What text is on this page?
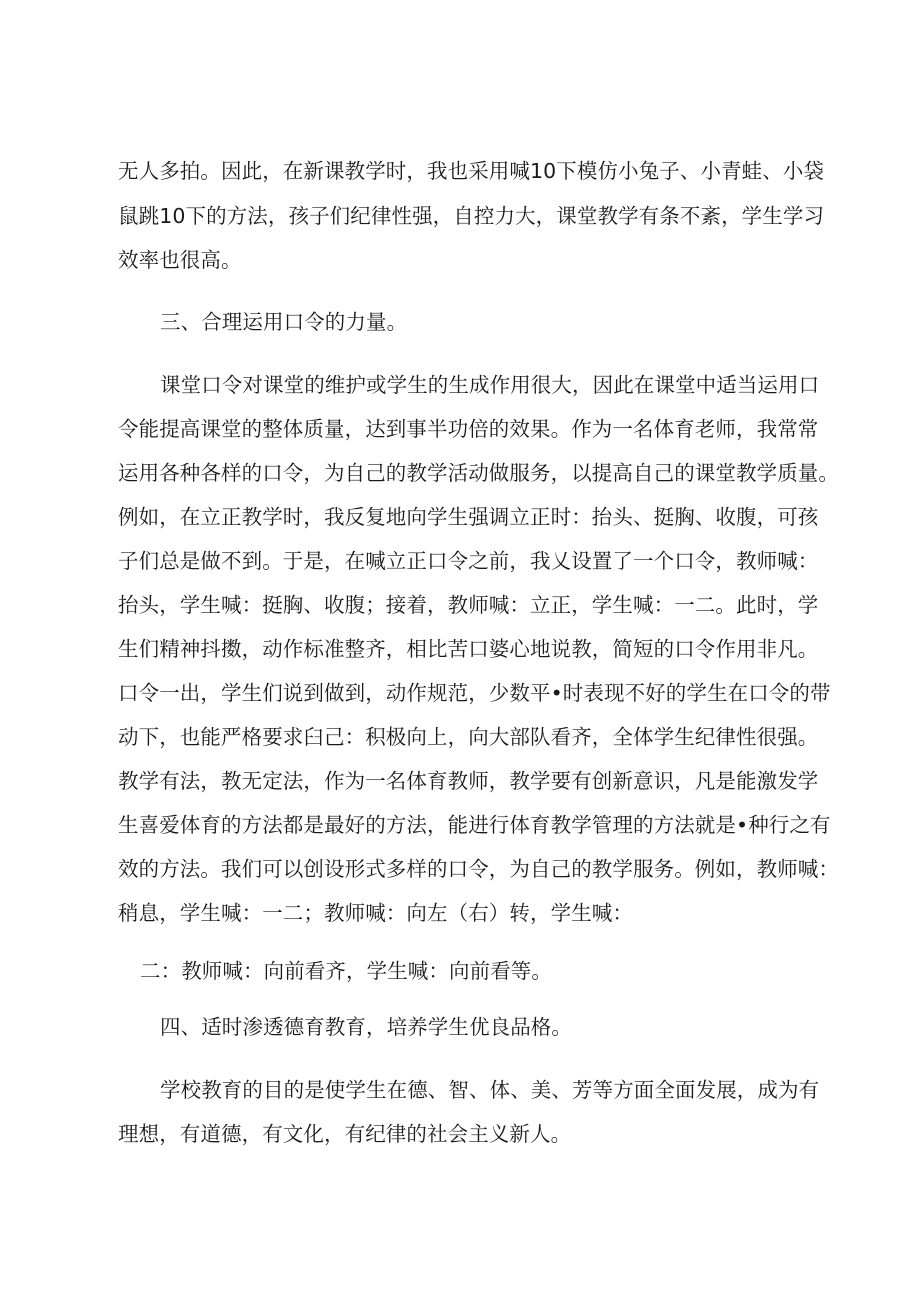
无人多拍。因此，在新课教学时，我也采用喊10下模仿小兔子、小青蛙、小袋
鼠跳10下的方法，孩子们纪律性强，自控力大，课堂教学有条不紊，学生学习
效率也很高。
三、合理运用口令的力量。
课堂口令对课堂的维护或学生的生成作用很大，因此在课堂中适当运用口
令能提高课堂的整体质量，达到事半功倍的效果。作为一名体育老师，我常常
运用各种各样的口令，为自己的教学活动做服务，以提高自己的课堂教学质量。
例如，在立正教学时，我反复地向学生强调立正时：抬头、挺胸、收腹，可孩
子们总是做不到。于是，在喊立正口令之前，我乂设置了一个口令，教师喊：
抬头，学生喊：挺胸、收腹；接着，教师喊：立正，学生喊：一二。此时，学
生们精神抖擞，动作标准整齐，相比苦口婆心地说教，简短的口令作用非凡。
口令一出，学生们说到做到，动作规范，少数平•时表现不好的学生在口令的带
动下，也能严格要求臼己：积极向上，向大部队看齐，全体学生纪律性很强。
教学有法，教无定法，作为一名体育教师，教学要有创新意识，凡是能激发学
生喜爱体育的方法都是最好的方法，能进行体育教学管理的方法就是•种行之有
效的方法。我们可以创设形式多样的口令，为自己的教学服务。例如，教师喊：
稍息，学生喊：一二；教师喊：向左（右）转，学生喊：
二：教师喊：向前看齐，学生喊：向前看等。
四、适时渗透德育教育，培养学生优良品格。
学校教育的目的是使学生在德、智、体、美、芳等方面全面发展，成为有
理想，有道德，有文化，有纪律的社会主义新人。
